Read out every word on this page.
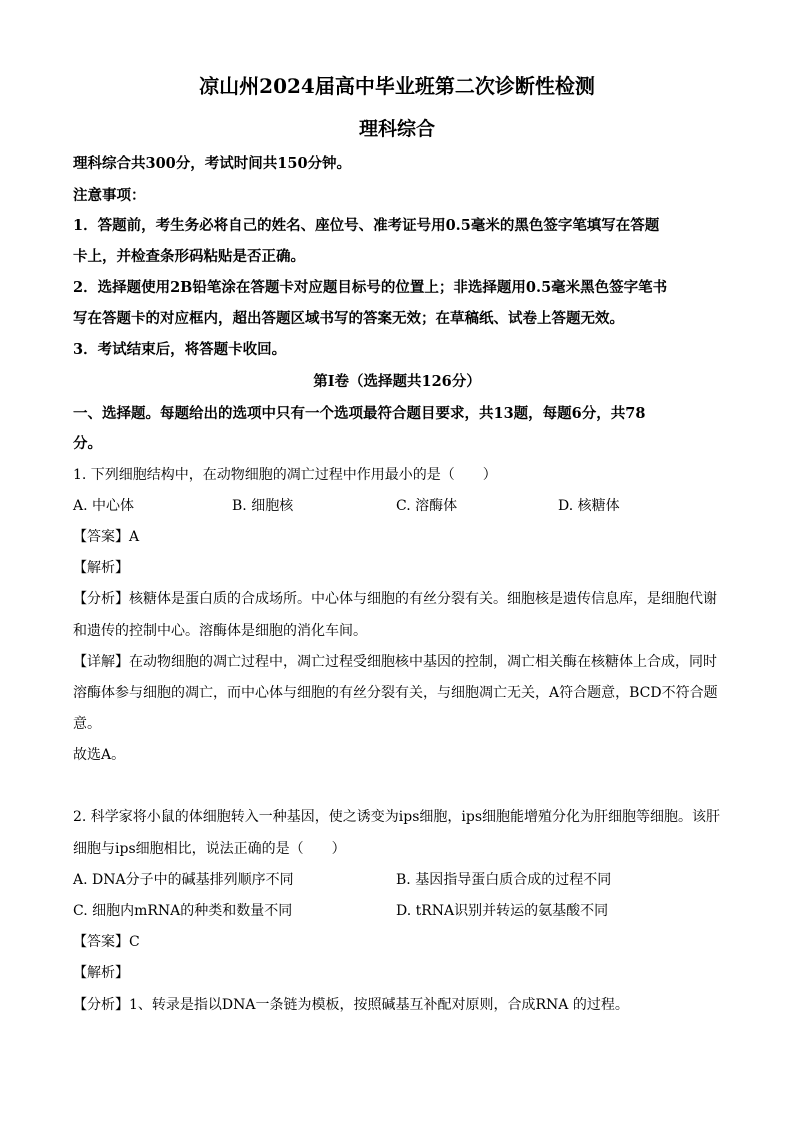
凉山州2024届高中毕业班第二次诊断性检测
理科综合
理科综合共300分，考试时间共150分钟。
注意事项：
1．答题前，考生务必将自己的姓名、座位号、准考证号用0.5毫米的黑色签字笔填写在答题
卡上，并检查条形码粘贴是否正确。
2．选择题使用2B铅笔涂在答题卡对应题目标号的位置上；非选择题用0.5毫米黑色签字笔书
写在答题卡的对应框内，超出答题区域书写的答案无效；在草稿纸、试卷上答题无效。
3．考试结束后，将答题卡收回。
第Ⅰ卷（选择题共126分）
一、选择题。每题给出的选项中只有一个选项最符合题目要求，共13题，每题6分，共78
分。
1. 下列细胞结构中，在动物细胞的凋亡过程中作用最小的是（　　）
A. 中心体	B. 细胞核	C. 溶酶体	D. 核糖体
【答案】A
【解析】
【分析】核糖体是蛋白质的合成场所。中心体与细胞的有丝分裂有关。细胞核是遗传信息库，是细胞代谢
和遗传的控制中心。溶酶体是细胞的消化车间。
【详解】在动物细胞的凋亡过程中，凋亡过程受细胞核中基因的控制，凋亡相关酶在核糖体上合成，同时
溶酶体参与细胞的凋亡，而中心体与细胞的有丝分裂有关，与细胞凋亡无关，A符合题意，BCD不符合题
意。
故选A。
2. 科学家将小鼠的体细胞转入一种基因，使之诱变为ips细胞，ips细胞能增殖分化为肝细胞等细胞。该肝
细胞与ips细胞相比，说法正确的是（　　）
A. DNA分子中的碱基排列顺序不同	B. 基因指导蛋白质合成的过程不同
C. 细胞内mRNA的种类和数量不同	D. tRNA识别并转运的氨基酸不同
【答案】C
【解析】
【分析】1、转录是指以DNA一条链为模板，按照碱基互补配对原则，合成RNA 的过程。
